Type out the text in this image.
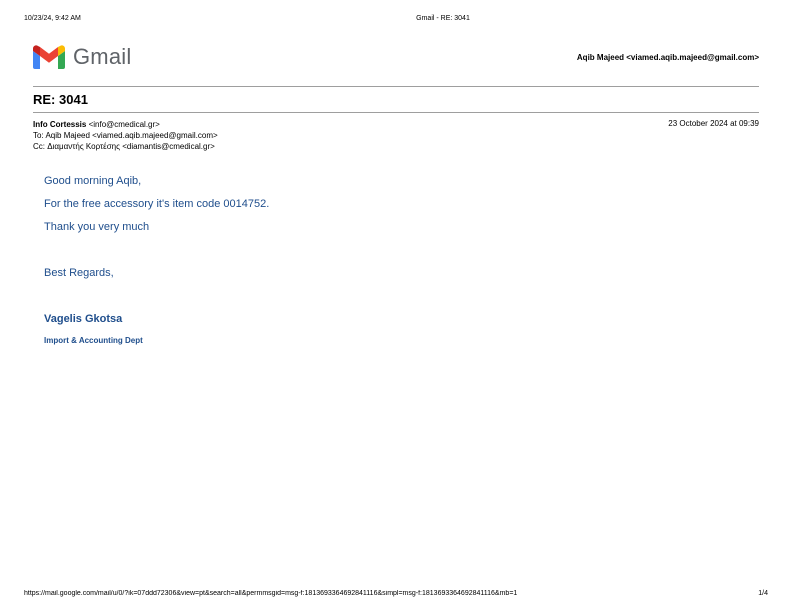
10/23/24, 9:42 AM	Gmail - RE: 3041
Gmail	Aqib Majeed <viamed.aqib.majeed@gmail.com>
RE: 3041
Info Cortessis <info@cmedical.gr>
To: Aqib Majeed <viamed.aqib.majeed@gmail.com>
Cc: Διαμαντής Κορτέσης <diamantis@cmedical.gr>
23 October 2024 at 09:39
Good morning Aqib,
For the free accessory it's item code 0014752.
Thank you very much
Best Regards,
Vagelis Gkotsa
Import & Accounting Dept
https://mail.google.com/mail/u/0/?ik=07ddd72306&view=pt&search=all&permmsgid=msg-f:1813693364692841116&simpl=msg-f:1813693364692841116&mb=1	1/4
